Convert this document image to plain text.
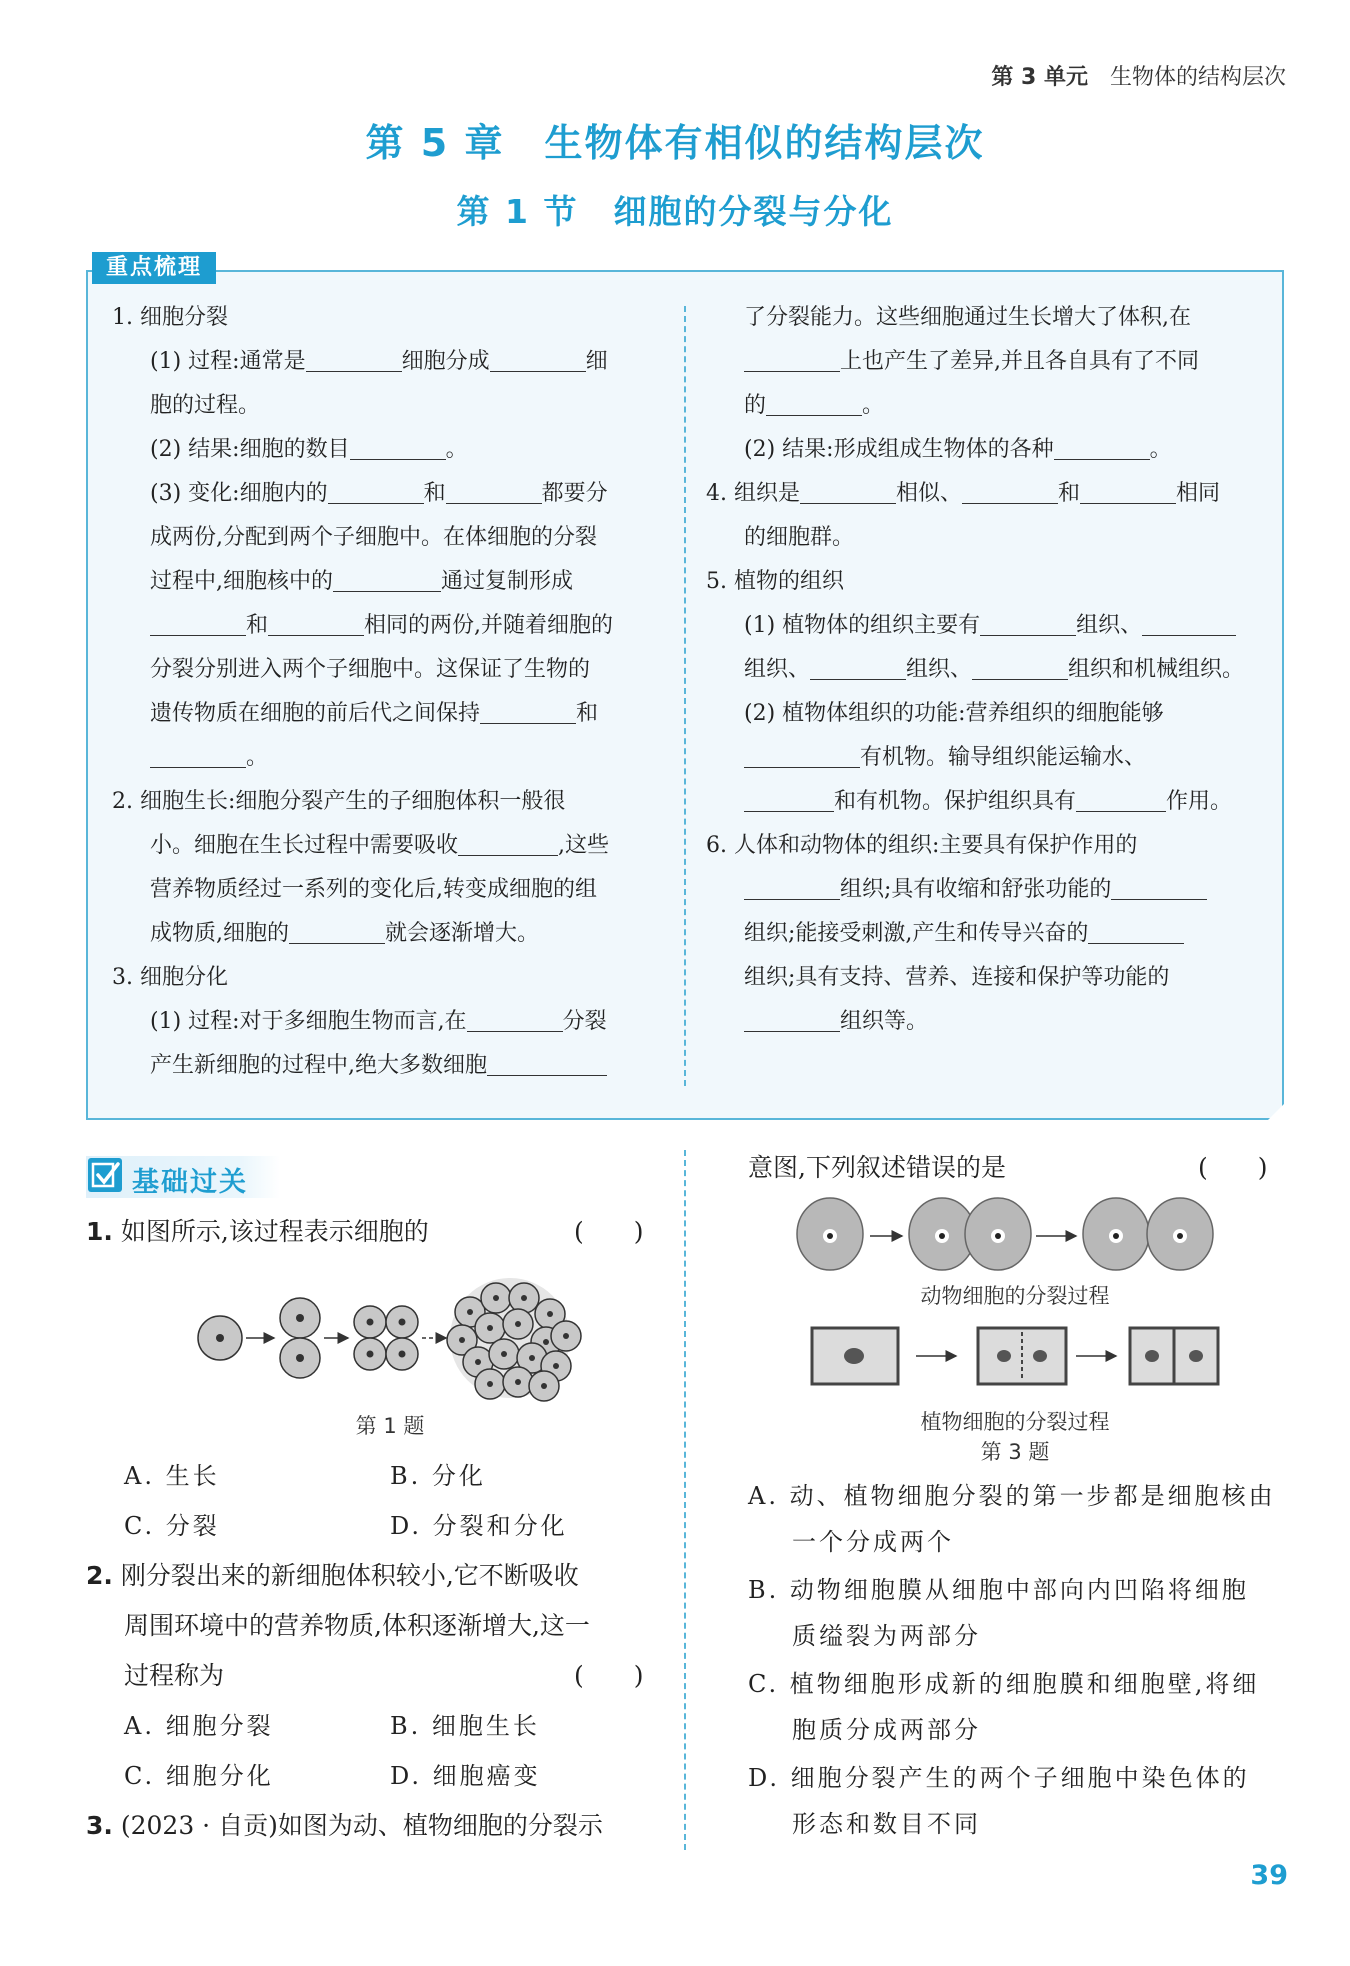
第 3 单元 生物体的结构层次
第 5 章　生物体有相似的结构层次
第 1 节　细胞的分裂与分化
重点梳理

1. 细胞分裂

(1) 过程:通常是	细胞分成	细

胞的过程。

(2) 结果:细胞的数目	。

(3) 变化:细胞内的	和	都要分

成两份,分配到两个子细胞中。在体细胞的分裂

过程中,细胞核中的	通过复制形成

和	相同的两份,并随着细胞的

分裂分别进入两个子细胞中。这保证了生物的

遗传物质在细胞的前后代之间保持	和

。

2. 细胞生长:细胞分裂产生的子细胞体积一般很

小。细胞在生长过程中需要吸收	,这些

营养物质经过一系列的变化后,转变成细胞的组

成物质,细胞的	就会逐渐增大。

3. 细胞分化

(1) 过程:对于多细胞生物而言,在	分裂

产生新细胞的过程中,绝大多数细胞

了分裂能力。这些细胞通过生长增大了体积,在

上也产生了差异,并且各自具有了不同

的	。

(2) 结果:形成组成生物体的各种	。

4. 组织是	相似、	和	相同

的细胞群。

5. 植物的组织

(1) 植物体的组织主要有	组织、

组织、	组织、	组织和机械组织。

(2) 植物体组织的功能:营养组织的细胞能够

有机物。输导组织能运输水、

和有机物。保护组织具有	作用。

6. 人体和动物体的组织:主要具有保护作用的

组织;具有收缩和舒张功能的

组织;能接受刺激,产生和传导兴奋的

组织;具有支持、营养、连接和保护等功能的

组织等。

基础过关
1. 如图所示,该过程表示细胞的	(　　)
第 1 题
A. 生长	B. 分化
C. 分裂	D. 分裂和分化
2. 刚分裂出来的新细胞体积较小,它不断吸收
周围环境中的营养物质,体积逐渐增大,这一
过程称为	(　　)
A. 细胞分裂	B. 细胞生长
C. 细胞分化	D. 细胞癌变
3. (2023 · 自贡)如图为动、植物细胞的分裂示
意图,下列叙述错误的是	(　　)
动物细胞的分裂过程
植物细胞的分裂过程
第 3 题
A. 动、植物细胞分裂的第一步都是细胞核由
一个分成两个
B. 动物细胞膜从细胞中部向内凹陷将细胞
质缢裂为两部分
C. 植物细胞形成新的细胞膜和细胞壁,将细
胞质分成两部分
D. 细胞分裂产生的两个子细胞中染色体的
形态和数目不同
39
